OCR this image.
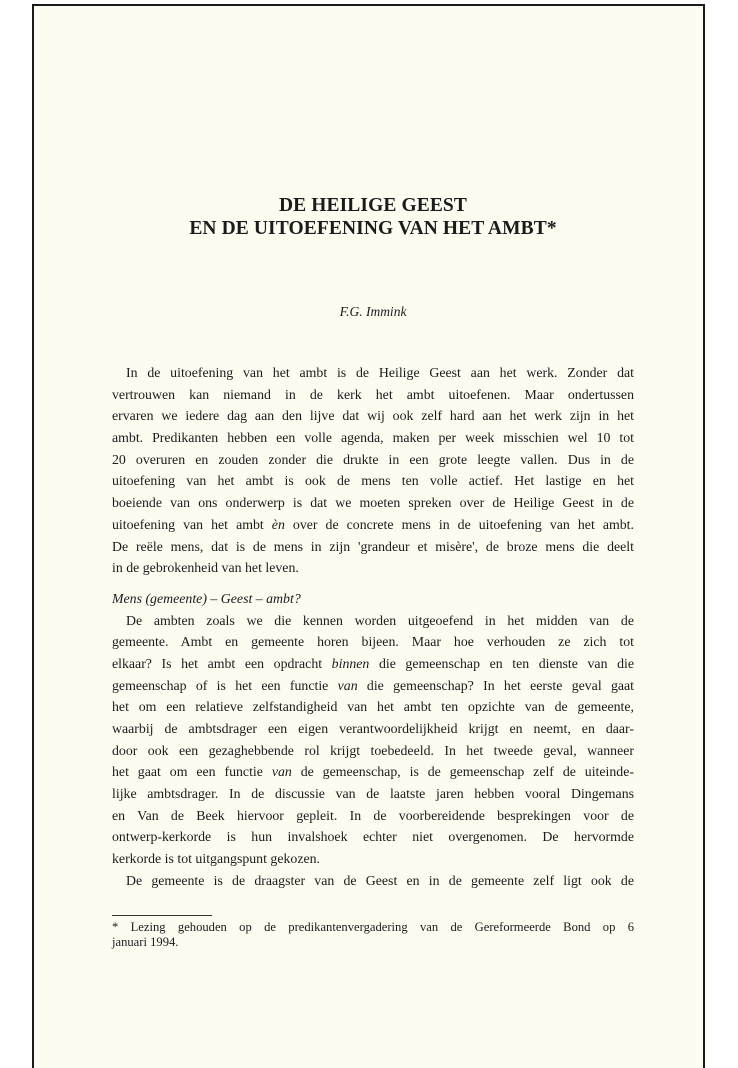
DE HEILIGE GEEST
EN DE UITOEFENING VAN HET AMBT*
F.G. Immink
In de uitoefening van het ambt is de Heilige Geest aan het werk. Zonder dat
vertrouwen kan niemand in de kerk het ambt uitoefenen. Maar ondertussen
ervaren we iedere dag aan den lijve dat wij ook zelf hard aan het werk zijn in het
ambt. Predikanten hebben een volle agenda, maken per week misschien wel 10 tot
20 overuren en zouden zonder die drukte in een grote leegte vallen. Dus in de
uitoefening van het ambt is ook de mens ten volle actief. Het lastige en het
boeiende van ons onderwerp is dat we moeten spreken over de Heilige Geest in de
uitoefening van het ambt èn over de concrete mens in de uitoefening van het ambt.
De reële mens, dat is de mens in zijn 'grandeur et misère', de broze mens die deelt
in de gebrokenheid van het leven.
Mens (gemeente) – Geest – ambt?
De ambten zoals we die kennen worden uitgeoefend in het midden van de
gemeente. Ambt en gemeente horen bijeen. Maar hoe verhouden ze zich tot
elkaar? Is het ambt een opdracht binnen die gemeenschap en ten dienste van die
gemeenschap of is het een functie van die gemeenschap? In het eerste geval gaat
het om een relatieve zelfstandigheid van het ambt ten opzichte van de gemeente,
waarbij de ambtsdrager een eigen verantwoordelijkheid krijgt en neemt, en daar-
door ook een gezaghebbende rol krijgt toebedeeld. In het tweede geval, wanneer
het gaat om een functie van de gemeenschap, is de gemeenschap zelf de uiteinde-
lijke ambtsdrager. In de discussie van de laatste jaren hebben vooral Dingemans
en Van de Beek hiervoor gepleit. In de voorbereidende besprekingen voor de
ontwerp-kerkorde is hun invalshoek echter niet overgenomen. De hervormde
kerkorde is tot uitgangspunt gekozen.
De gemeente is de draagster van de Geest en in de gemeente zelf ligt ook de
* Lezing gehouden op de predikantenvergadering van de Gereformeerde Bond op 6
januari 1994.
